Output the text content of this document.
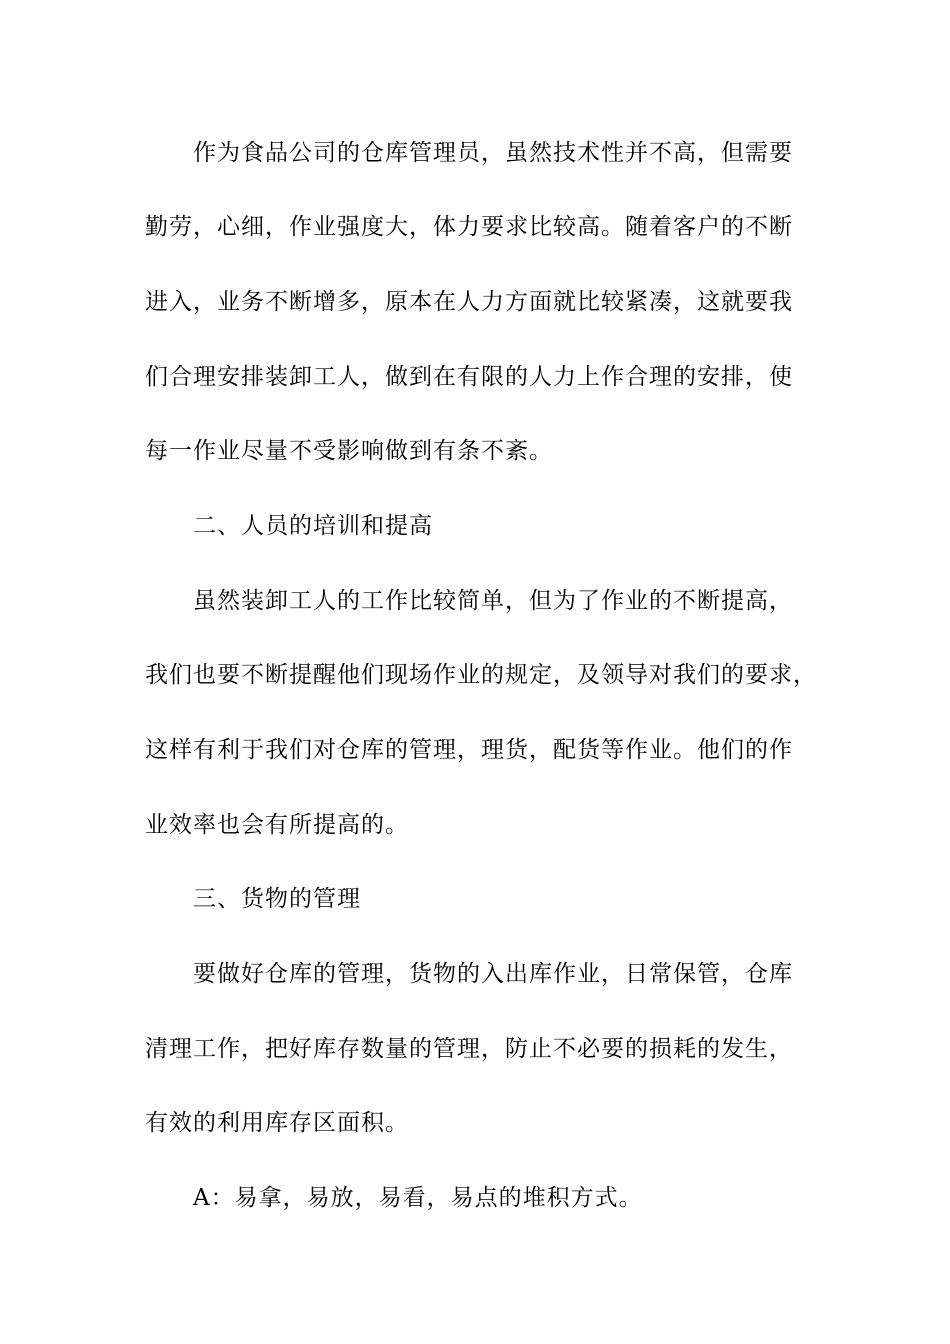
作为食品公司的仓库管理员，虽然技术性并不高，但需要
勤劳，心细，作业强度大，体力要求比较高。随着客户的不断
进入，业务不断增多，原本在人力方面就比较紧凑，这就要我
们合理安排装卸工人，做到在有限的人力上作合理的安排，使
每一作业尽量不受影响做到有条不紊。
二、人员的培训和提高
虽然装卸工人的工作比较简单，但为了作业的不断提高，
我们也要不断提醒他们现场作业的规定，及领导对我们的要求，
这样有利于我们对仓库的管理，理货，配货等作业。他们的作
业效率也会有所提高的。
三、货物的管理
要做好仓库的管理，货物的入出库作业，日常保管，仓库
清理工作，把好库存数量的管理，防止不必要的损耗的发生，
有效的利用库存区面积。
A：易拿，易放，易看，易点的堆积方式。
